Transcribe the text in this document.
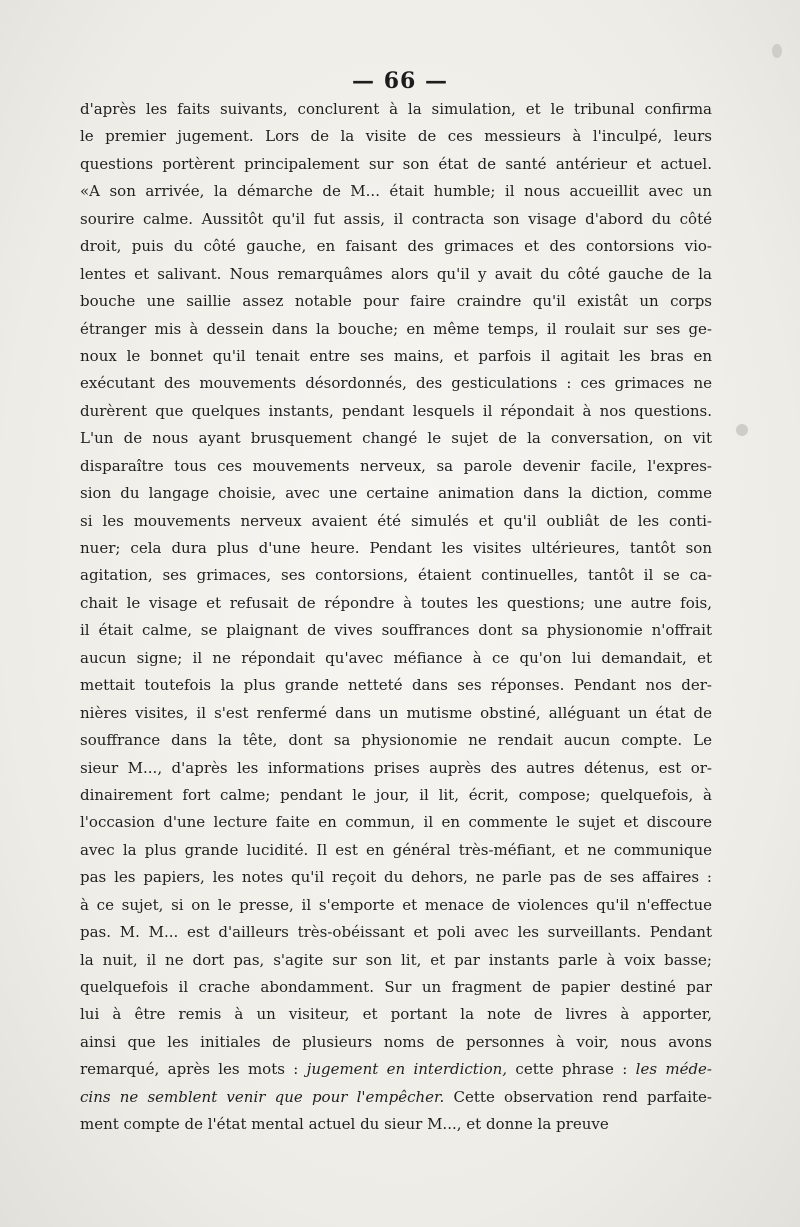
— 66 —
d'après les faits suivants, conclurent à la simulation, et le tribunal confirma
le premier jugement. Lors de la visite de ces messieurs à l'inculpé, leurs
questions portèrent principalement sur son état de santé antérieur et actuel.
«A son arrivée, la démarche de M... était humble; il nous accueillit avec un
sourire calme. Aussitôt qu'il fut assis, il contracta son visage d'abord du côté
droit, puis du côté gauche, en faisant des grimaces et des contorsions vio-
lentes et salivant. Nous remarquâmes alors qu'il y avait du côté gauche de la
bouche une saillie assez notable pour faire craindre qu'il existât un corps
étranger mis à dessein dans la bouche; en même temps, il roulait sur ses ge-
noux le bonnet qu'il tenait entre ses mains, et parfois il agitait les bras en
exécutant des mouvements désordonnés, des gesticulations : ces grimaces ne
durèrent que quelques instants, pendant lesquels il répondait à nos questions.
L'un de nous ayant brusquement changé le sujet de la conversation, on vit
disparaître tous ces mouvements nerveux, sa parole devenir facile, l'expres-
sion du langage choisie, avec une certaine animation dans la diction, comme
si les mouvements nerveux avaient été simulés et qu'il oubliât de les conti-
nuer; cela dura plus d'une heure. Pendant les visites ultérieures, tantôt son
agitation, ses grimaces, ses contorsions, étaient continuelles, tantôt il se ca-
chait le visage et refusait de répondre à toutes les questions; une autre fois,
il était calme, se plaignant de vives souffrances dont sa physionomie n'offrait
aucun signe; il ne répondait qu'avec méfiance à ce qu'on lui demandait, et
mettait toutefois la plus grande netteté dans ses réponses. Pendant nos der-
nières visites, il s'est renfermé dans un mutisme obstiné, alléguant un état de
souffrance dans la tête, dont sa physionomie ne rendait aucun compte. Le
sieur M..., d'après les informations prises auprès des autres détenus, est or-
dinairement fort calme; pendant le jour, il lit, écrit, compose; quelquefois, à
l'occasion d'une lecture faite en commun, il en commente le sujet et discoure
avec la plus grande lucidité. Il est en général très-méfiant, et ne communique
pas les papiers, les notes qu'il reçoit du dehors, ne parle pas de ses affaires :
à ce sujet, si on le presse, il s'emporte et menace de violences qu'il n'effectue
pas. M. M... est d'ailleurs très-obéissant et poli avec les surveillants. Pendant
la nuit, il ne dort pas, s'agite sur son lit, et par instants parle à voix basse;
quelquefois il crache abondamment. Sur un fragment de papier destiné par
lui à être remis à un visiteur, et portant la note de livres à apporter,
ainsi que les initiales de plusieurs noms de personnes à voir, nous avons
remarqué, après les mots : jugement en interdiction, cette phrase : les méde-
cins ne semblent venir que pour l'empêcher. Cette observation rend parfaite-
ment compte de l'état mental actuel du sieur M..., et donne la preuve
